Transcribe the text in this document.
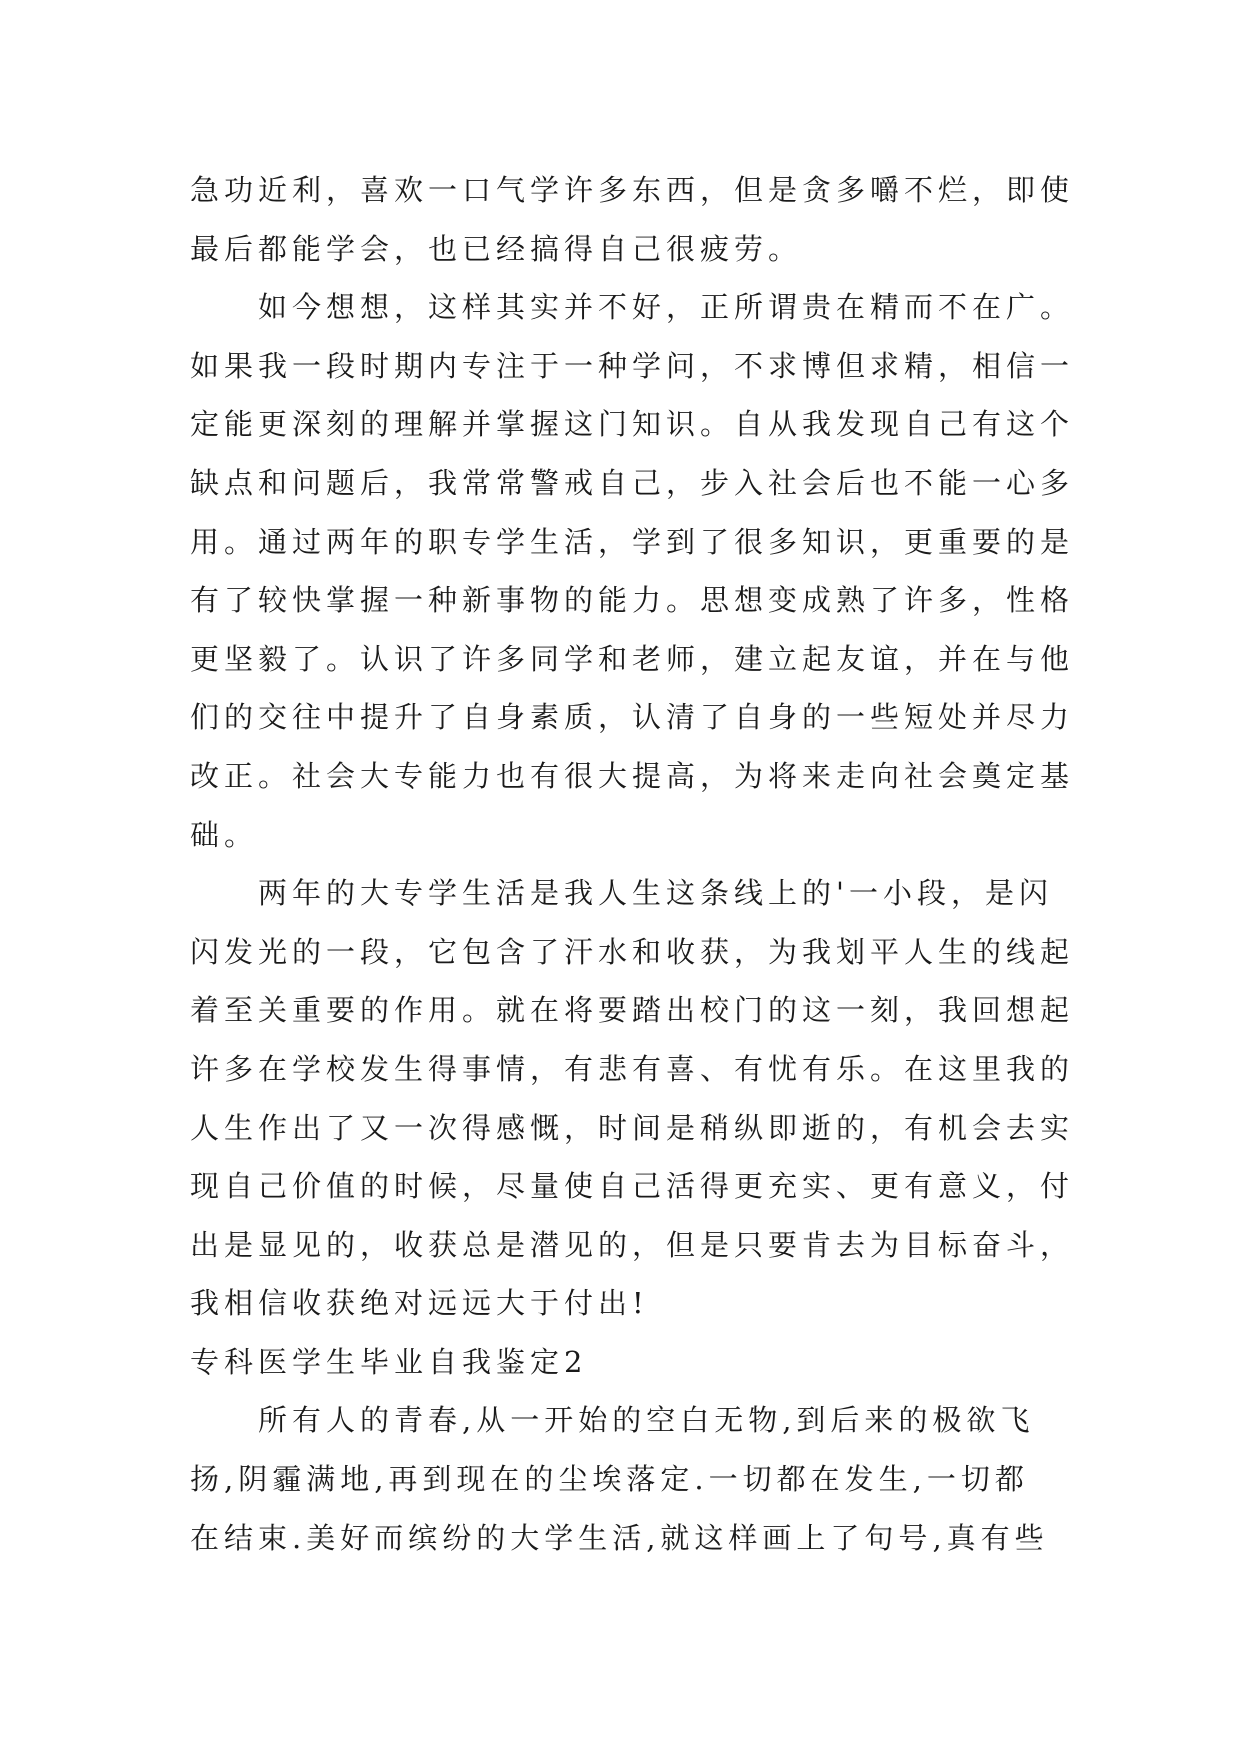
急功近利，喜欢一口气学许多东西，但是贪多嚼不烂，即使
最后都能学会，也已经搞得自己很疲劳。
如今想想，这样其实并不好，正所谓贵在精而不在广。
如果我一段时期内专注于一种学问，不求博但求精，相信一
定能更深刻的理解并掌握这门知识。自从我发现自己有这个
缺点和问题后，我常常警戒自己，步入社会后也不能一心多
用。通过两年的职专学生活，学到了很多知识，更重要的是
有了较快掌握一种新事物的能力。思想变成熟了许多，性格
更坚毅了。认识了许多同学和老师，建立起友谊，并在与他
们的交往中提升了自身素质，认清了自身的一些短处并尽力
改正。社会大专能力也有很大提高，为将来走向社会奠定基
础。
两年的大专学生活是我人生这条线上的'一小段，是闪
闪发光的一段，它包含了汗水和收获，为我划平人生的线起
着至关重要的作用。就在将要踏出校门的这一刻，我回想起
许多在学校发生得事情，有悲有喜、有忧有乐。在这里我的
人生作出了又一次得感慨，时间是稍纵即逝的，有机会去实
现自己价值的时候，尽量使自己活得更充实、更有意义，付
出是显见的，收获总是潜见的，但是只要肯去为目标奋斗，
我相信收获绝对远远大于付出!
专科医学生毕业自我鉴定2
所有人的青春,从一开始的空白无物,到后来的极欲飞
扬,阴霾满地,再到现在的尘埃落定.一切都在发生,一切都
在结束.美好而缤纷的大学生活,就这样画上了句号,真有些
